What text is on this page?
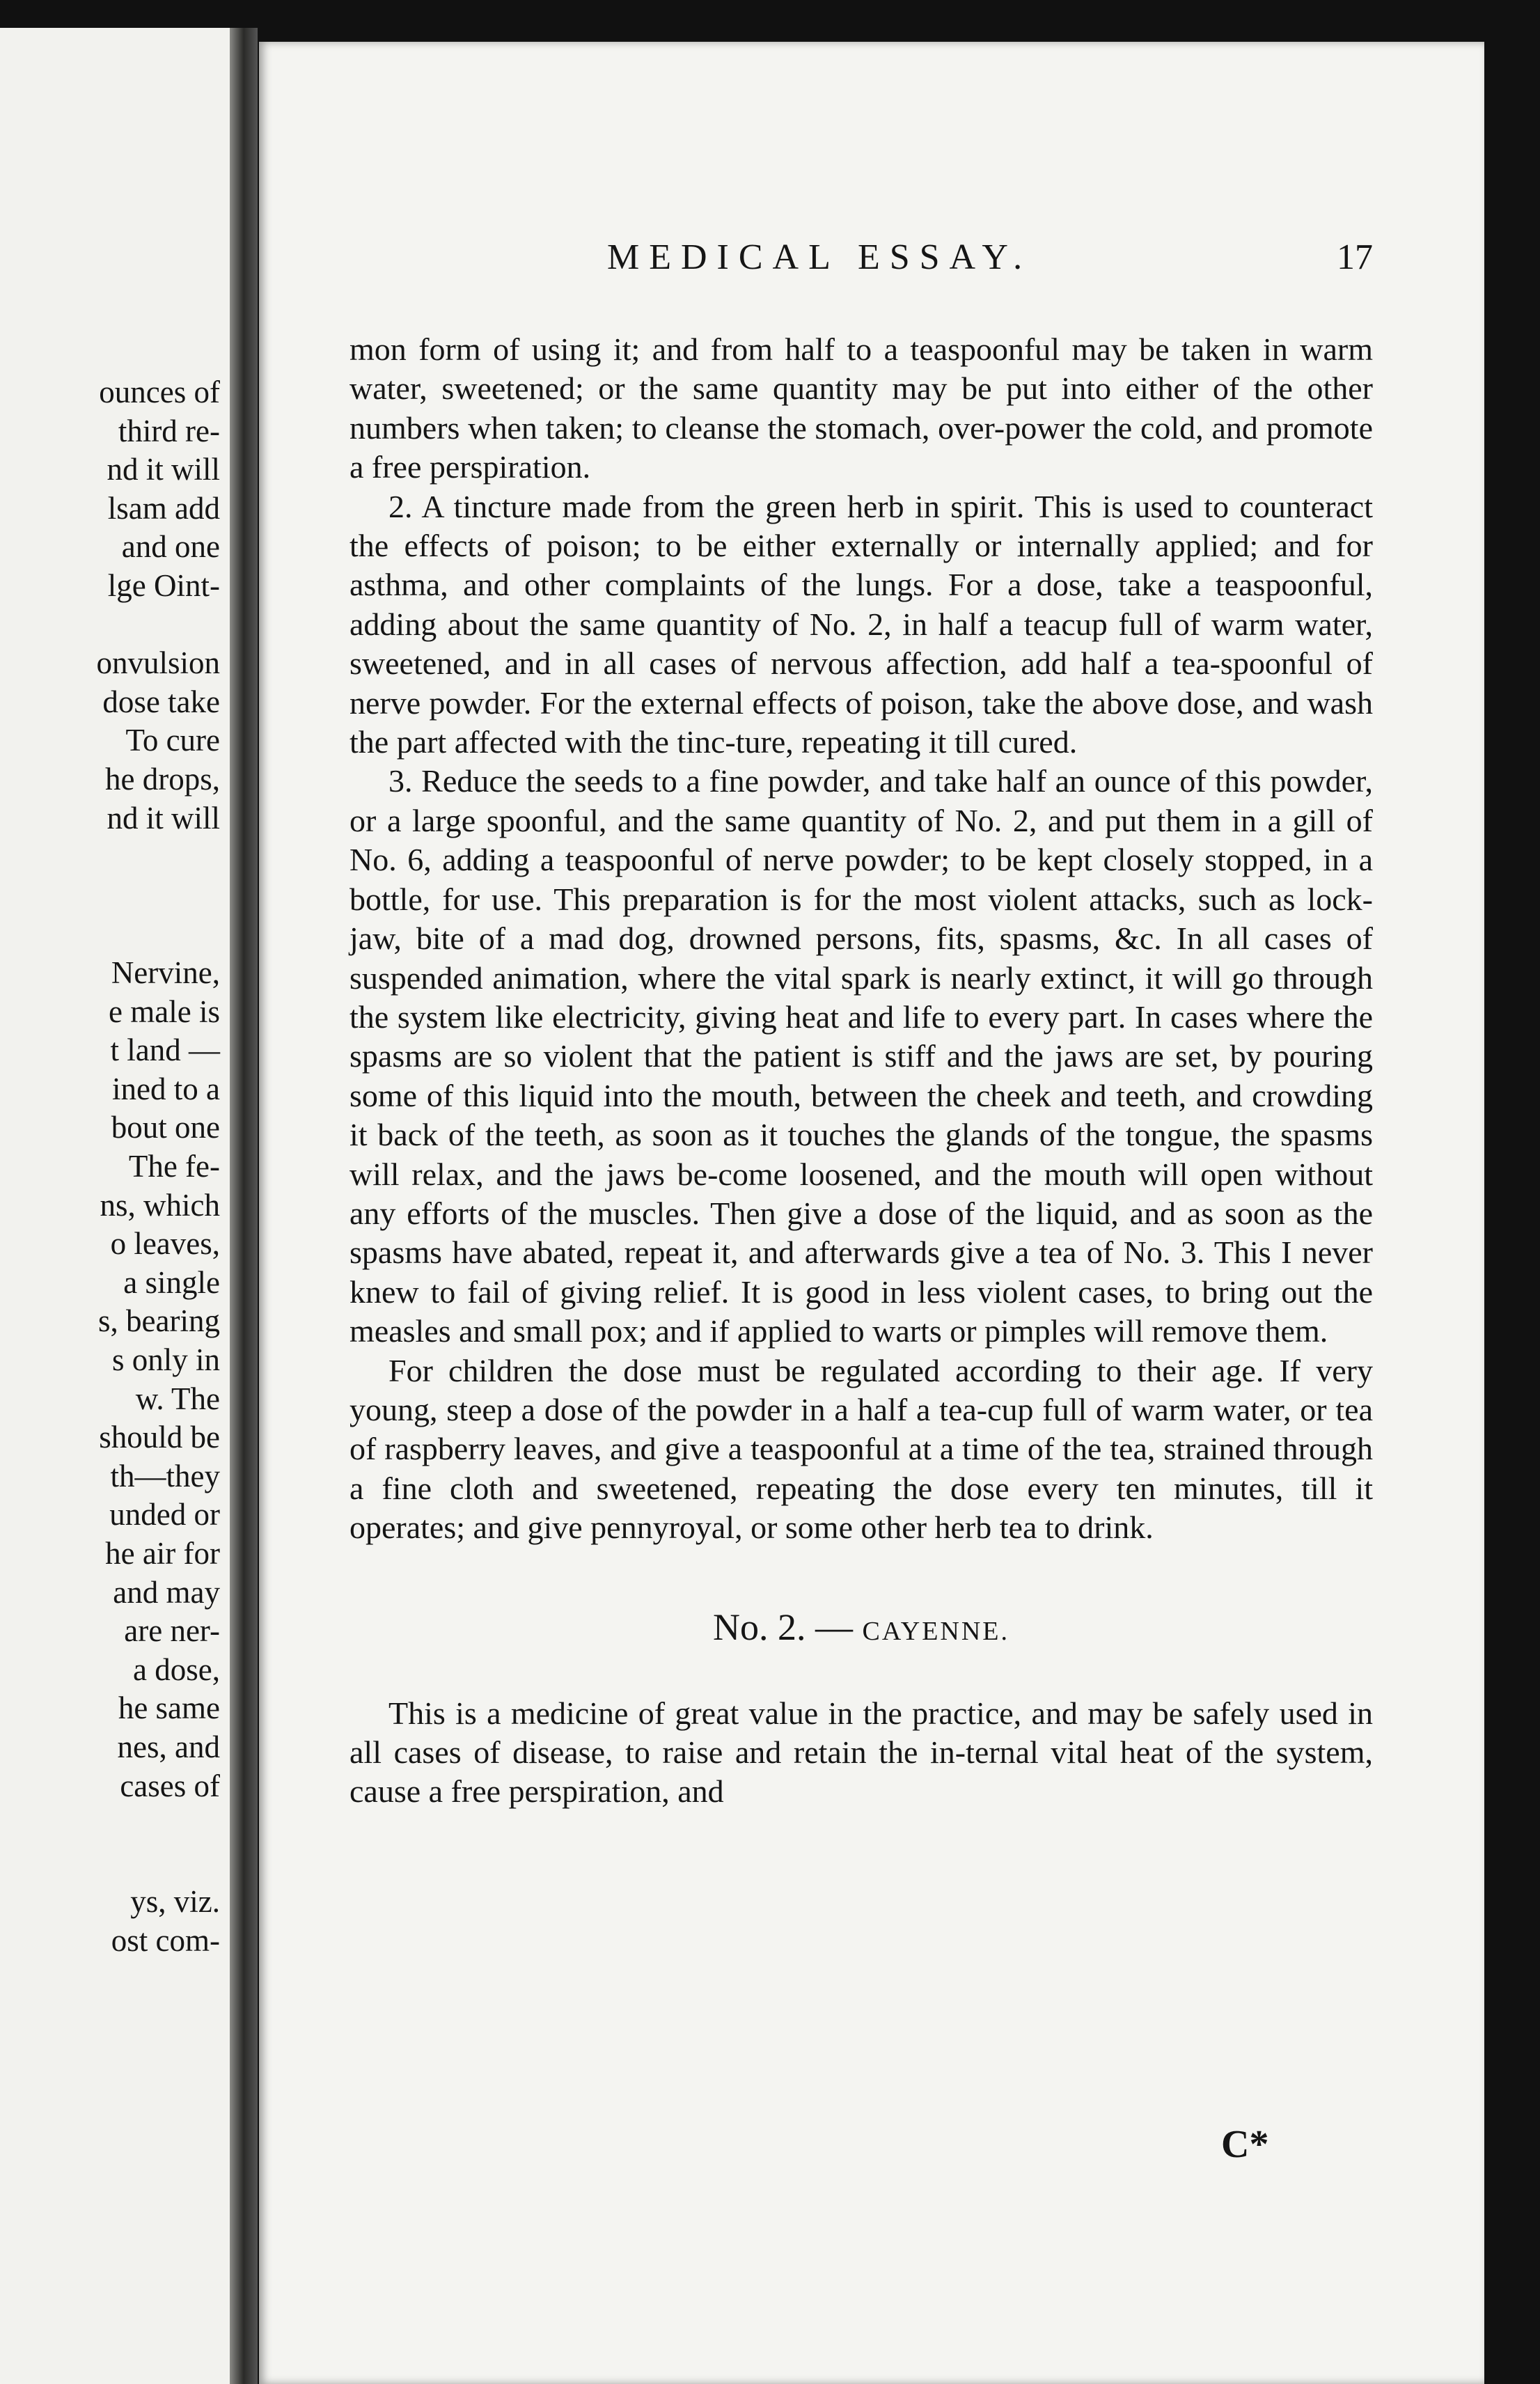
ounces of
third re-
nd it will
lsam add
and one
lge Oint-
onvulsion
dose take
To cure
he drops,
nd it will
Nervine,
e male is
t land —
ined to a
bout one
The fe-
ns, which
o leaves,
a single
s, bearing
s only in
w. The
should be
th—they
unded or
he air for
and may
are ner-
a dose,
he same
nes, and
cases of
ys, viz.
ost com-
MEDICAL ESSAY.	17

mon form of using it; and from half to a teaspoonful may be taken in warm water, sweetened; or the same quantity may be put into either of the other numbers when taken; to cleanse the stomach, over-power the cold, and promote a free perspiration.

2. A tincture made from the green herb in spirit. This is used to counteract the effects of poison; to be either externally or internally applied; and for asthma, and other complaints of the lungs. For a dose, take a teaspoonful, adding about the same quantity of No. 2, in half a teacup full of warm water, sweetened, and in all cases of nervous affection, add half a tea-spoonful of nerve powder. For the external effects of poison, take the above dose, and wash the part affected with the tinc-ture, repeating it till cured.

3. Reduce the seeds to a fine powder, and take half an ounce of this powder, or a large spoonful, and the same quantity of No. 2, and put them in a gill of No. 6, adding a teaspoonful of nerve powder; to be kept closely stopped, in a bottle, for use. This preparation is for the most violent attacks, such as lock-jaw, bite of a mad dog, drowned persons, fits, spasms, &c. In all cases of suspended animation, where the vital spark is nearly extinct, it will go through the system like electricity, giving heat and life to every part. In cases where the spasms are so violent that the patient is stiff and the jaws are set, by pouring some of this liquid into the mouth, between the cheek and teeth, and crowding it back of the teeth, as soon as it touches the glands of the tongue, the spasms will relax, and the jaws be-come loosened, and the mouth will open without any efforts of the muscles. Then give a dose of the liquid, and as soon as the spasms have abated, repeat it, and afterwards give a tea of No. 3. This I never knew to fail of giving relief. It is good in less violent cases, to bring out the measles and small pox; and if applied to warts or pimples will remove them.

For children the dose must be regulated according to their age. If very young, steep a dose of the powder in a half a tea-cup full of warm water, or tea of raspberry leaves, and give a teaspoonful at a time of the tea, strained through a fine cloth and sweetened, repeating the dose every ten minutes, till it operates; and give pennyroyal, or some other herb tea to drink.

No. 2. — CAYENNE.

This is a medicine of great value in the practice, and may be safely used in all cases of disease, to raise and retain the in-ternal vital heat of the system, cause a free perspiration, and

C*
